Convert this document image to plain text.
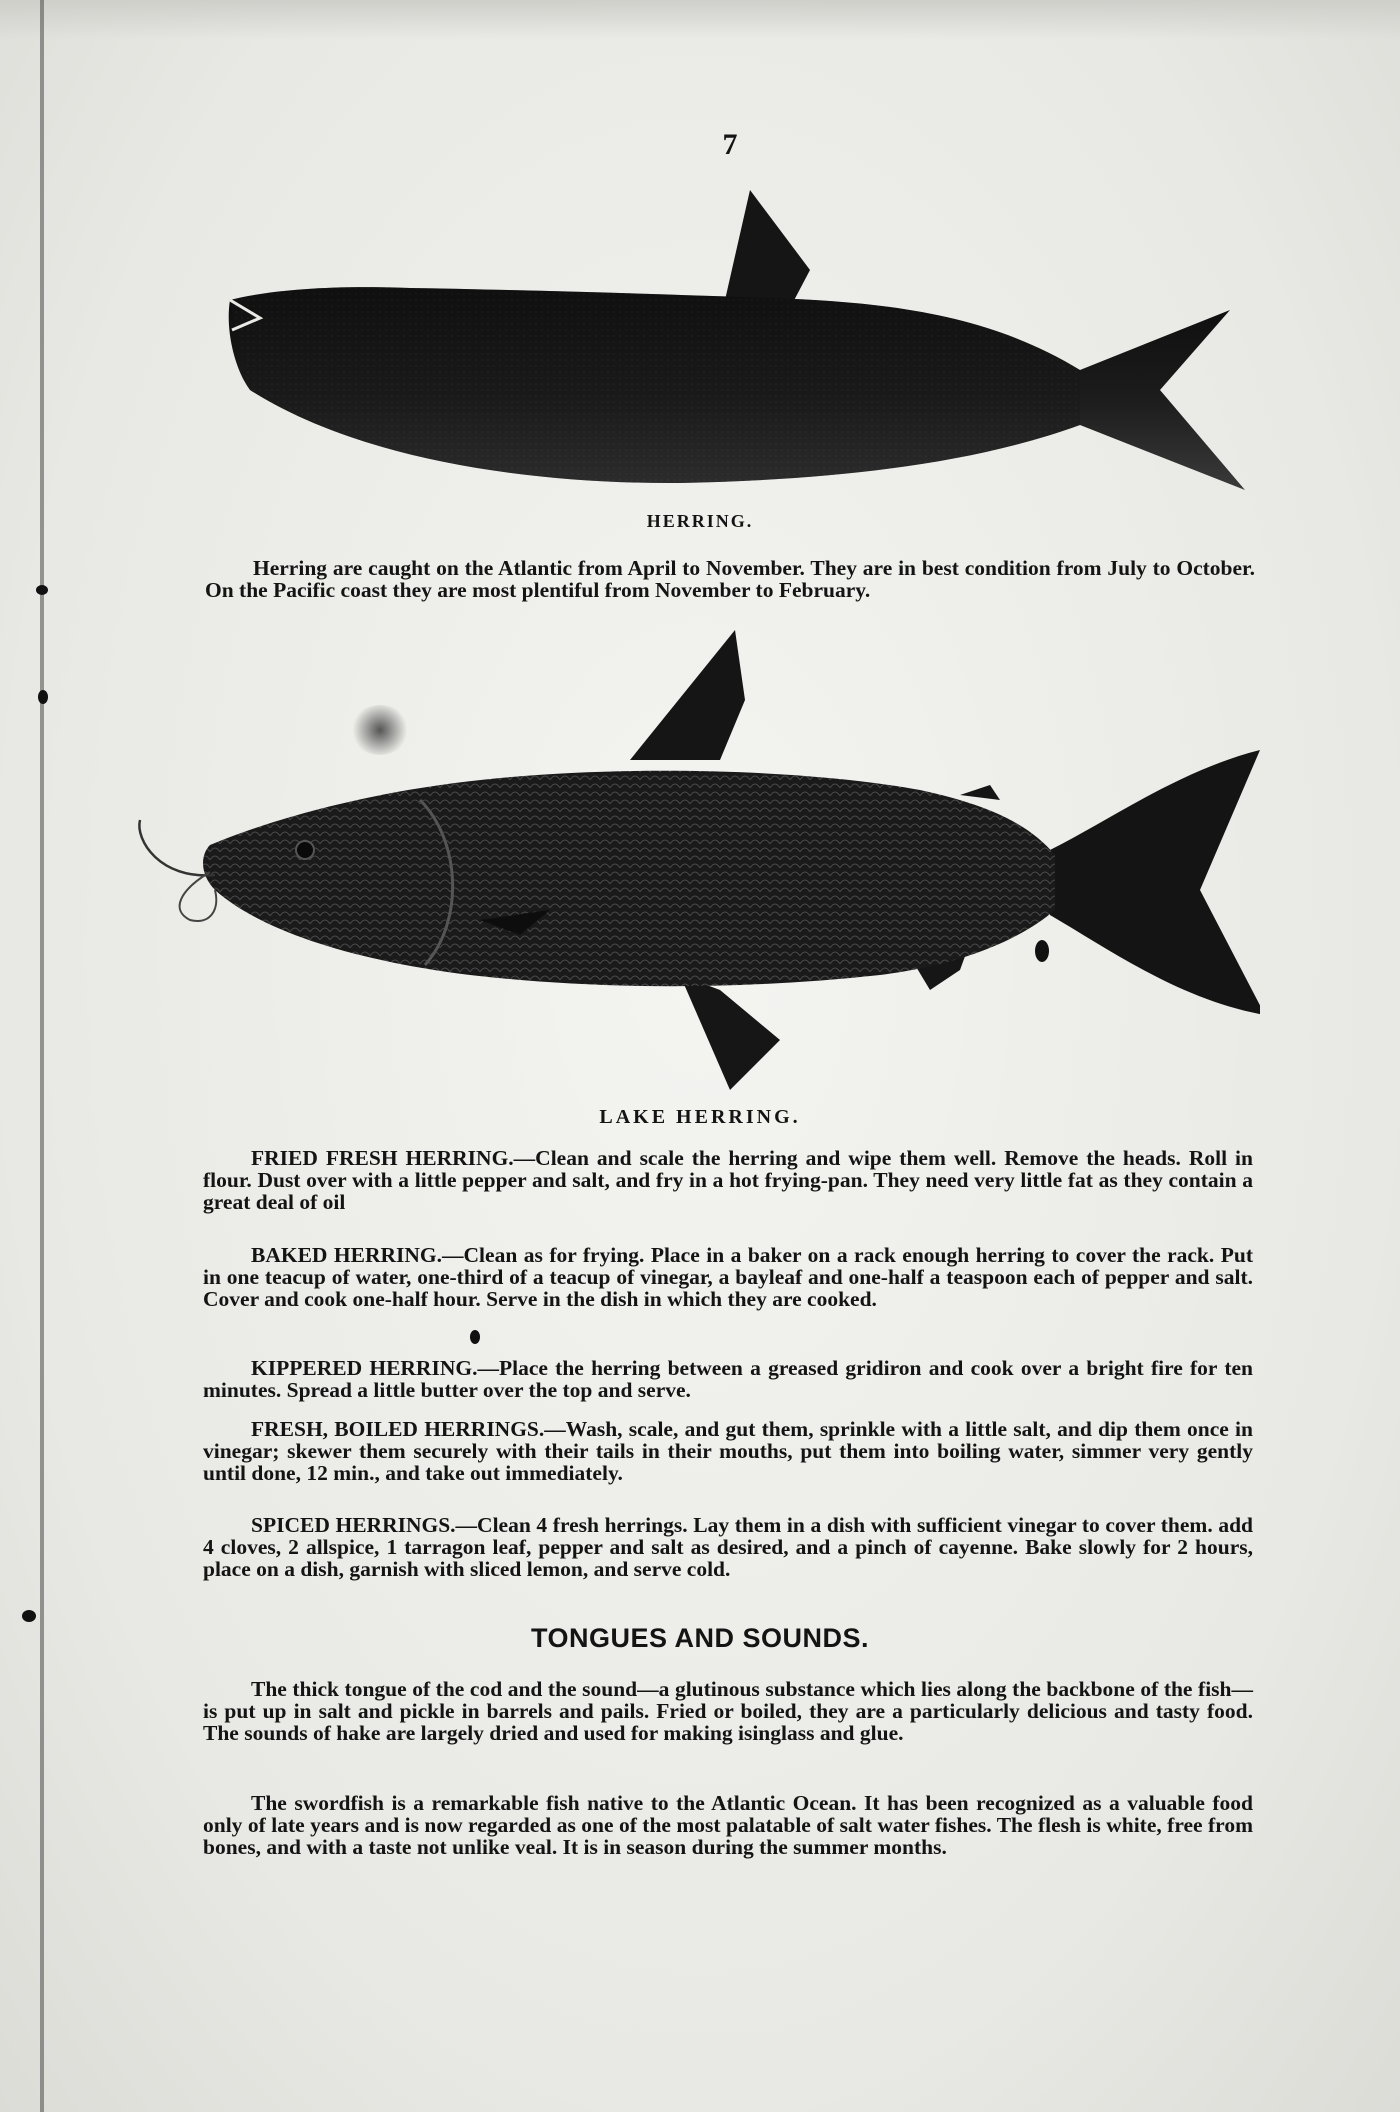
7
HERRING.
Herring are caught on the Atlantic from April to November. They are in best condition from July to October. On the Pacific coast they are most plentiful from November to February.
LAKE HERRING.
FRIED FRESH HERRING.—Clean and scale the herring and wipe them well. Remove the heads. Roll in flour. Dust over with a little pepper and salt, and fry in a hot frying-pan. They need very little fat as they contain a great deal of oil
BAKED HERRING.—Clean as for frying. Place in a baker on a rack enough herring to cover the rack. Put in one teacup of water, one-third of a teacup of vinegar, a bayleaf and one-half a teaspoon each of pepper and salt. Cover and cook one-half hour. Serve in the dish in which they are cooked.
KIPPERED HERRING.—Place the herring between a greased gridiron and cook over a bright fire for ten minutes. Spread a little butter over the top and serve.
FRESH, BOILED HERRINGS.—Wash, scale, and gut them, sprinkle with a little salt, and dip them once in vinegar; skewer them securely with their tails in their mouths, put them into boiling water, simmer very gently until done, 12 min., and take out immediately.
SPICED HERRINGS.—Clean 4 fresh herrings. Lay them in a dish with sufficient vinegar to cover them. add 4 cloves, 2 allspice, 1 tarragon leaf, pepper and salt as desired, and a pinch of cayenne. Bake slowly for 2 hours, place on a dish, garnish with sliced lemon, and serve cold.
TONGUES AND SOUNDS.
The thick tongue of the cod and the sound—a glutinous substance which lies along the backbone of the fish—is put up in salt and pickle in barrels and pails. Fried or boiled, they are a particularly delicious and tasty food. The sounds of hake are largely dried and used for making isinglass and glue.
The swordfish is a remarkable fish native to the Atlantic Ocean. It has been recognized as a valuable food only of late years and is now regarded as one of the most palatable of salt water fishes. The flesh is white, free from bones, and with a taste not unlike veal. It is in season during the summer months.
